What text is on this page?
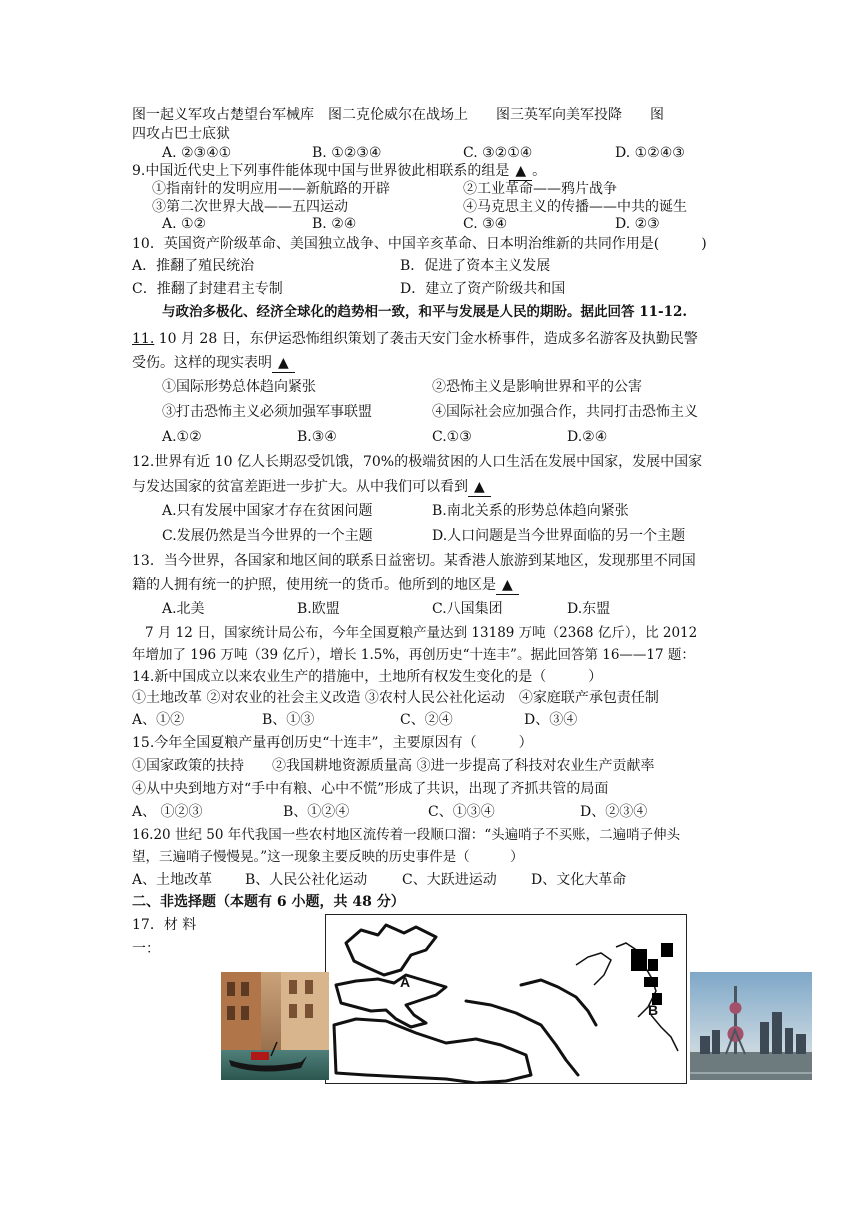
图一起义军攻占楚望台军械库　图二克伦威尔在战场上　　图三英军向美军投降　　图
四攻占巴士底狱
A. ②③④①	B. ①②③④	C. ③②①④	D. ①②④③
9.中国近代史上下列事件能体现中国与世界彼此相联系的组是 ▲ 。
①指南针的发明应用——新航路的开辟	②工业革命——鸦片战争
③第二次世界大战——五四运动	④马克思主义的传播——中共的诞生
A. ①②	B. ②④	C. ③④	D. ②③
10．英国资产阶级革命、美国独立战争、中国辛亥革命、日本明治维新的共同作用是(　　　)
A．推翻了殖民统治	B．促进了资本主义发展
C．推翻了封建君主专制	D．建立了资产阶级共和国
与政治多极化、经济全球化的趋势相一致，和平与发展是人民的期盼。据此回答 11-12.
11. 10 月 28 日，东伊运恐怖组织策划了袭击天安门金水桥事件，造成多名游客及执勤民警
受伤。这样的现实表明 ▲
①国际形势总体趋向紧张	②恐怖主义是影响世界和平的公害
③打击恐怖主义必须加强军事联盟	④国际社会应加强合作，共同打击恐怖主义
A.①②	B.③④	C.①③	D.②④
12.世界有近 10 亿人长期忍受饥饿，70%的极端贫困的人口生活在发展中国家，发展中国家
与发达国家的贫富差距进一步扩大。从中我们可以看到 ▲
A.只有发展中国家才存在贫困问题	B.南北关系的形势总体趋向紧张
C.发展仍然是当今世界的一个主题	D.人口问题是当今世界面临的另一个主题
13．当今世界，各国家和地区间的联系日益密切。某香港人旅游到某地区，发现那里不同国
籍的人拥有统一的护照，使用统一的货币。他所到的地区是 ▲
A.北美	B.欧盟	C.八国集团	D.东盟
7 月 12 日，国家统计局公布，今年全国夏粮产量达到 13189 万吨（2368 亿斤），比 2012
年增加了 196 万吨（39 亿斤），增长 1.5%，再创历史“十连丰”。据此回答第 16——17 题：
14.新中国成立以来农业生产的措施中，土地所有权发生变化的是（　　　）
①土地改革 ②对农业的社会主义改造 ③农村人民公社化运动　④家庭联产承包责任制
A、①②	B、①③	C、②④	D、③④
15.今年全国夏粮产量再创历史“十连丰”，主要原因有（　　　）
①国家政策的扶持　　②我国耕地资源质量高 ③进一步提高了科技对农业生产贡献率
④从中央到地方对“手中有粮、心中不慌”形成了共识，出现了齐抓共管的局面
A、 ①②③	B、①②④	C、①③④	D、②③④
16.20 世纪 50 年代我国一些农村地区流传着一段顺口溜：“头遍哨子不买账，二遍哨子伸头
望，三遍哨子慢慢晃。”这一现象主要反映的历史事件是（　　　）
A、土地改革 B、人民公社化运动 C、大跃进运动 D、文化大革命
二、非选择题（本题有 6 小题，共 48 分）
17．材 料
一：
A
B
